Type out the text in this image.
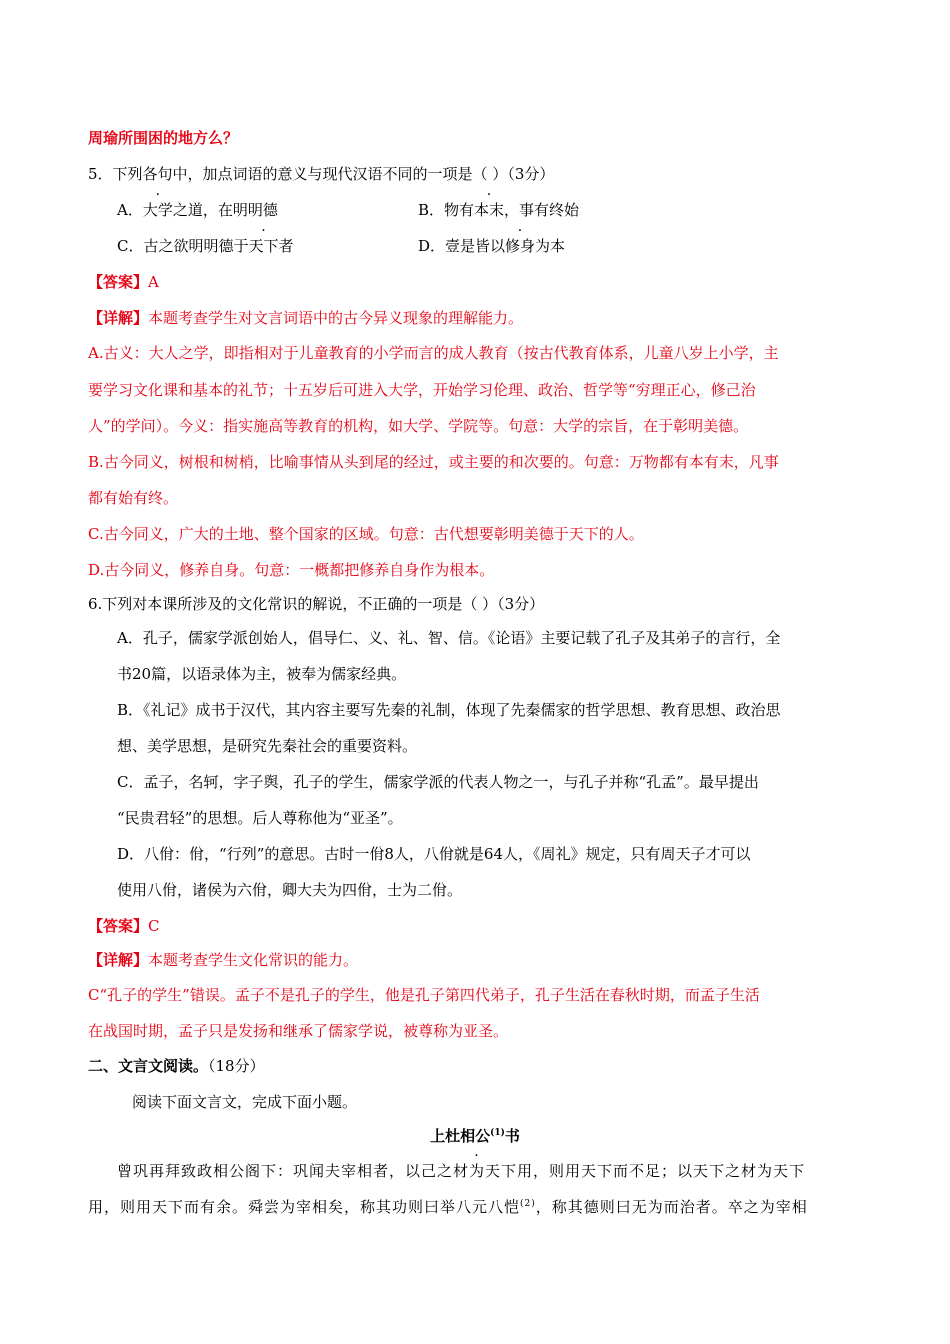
周瑜所围困的地方么？
5．下列各句中，加点词语的意义与现代汉语不同的一项是（ ）（3分）
A．大学之道，在明明德	B．物有本末，事有终始
C．古之欲明明德于天下者	D．壹是皆以修身为本
【答案】A
【详解】本题考查学生对文言词语中的古今异义现象的理解能力。
A.古义：大人之学，即指相对于儿童教育的小学而言的成人教育（按古代教育体系，儿童八岁上小学，主
要学习文化课和基本的礼节；十五岁后可进入大学，开始学习伦理、政治、哲学等“穷理正心，修己治
人”的学问）。今义：指实施高等教育的机构，如大学、学院等。句意：大学的宗旨，在于彰明美德。
B.古今同义，树根和树梢，比喻事情从头到尾的经过，或主要的和次要的。句意：万物都有本有末，凡事
都有始有终。
C.古今同义，广大的土地、整个国家的区域。句意：古代想要彰明美德于天下的人。
D.古今同义，修养自身。句意：一概都把修养自身作为根本。
6.下列对本课所涉及的文化常识的解说，不正确的一项是（ ）（3分）
A．孔子，儒家学派创始人，倡导仁、义、礼、智、信。《论语》主要记载了孔子及其弟子的言行，全
书20篇，以语录体为主，被奉为儒家经典。
B．《礼记》成书于汉代，其内容主要写先秦的礼制，体现了先秦儒家的哲学思想、教育思想、政治思
想、美学思想，是研究先秦社会的重要资料。
C．孟子，名轲，字子舆，孔子的学生，儒家学派的代表人物之一，与孔子并称“孔孟”。最早提出
“民贵君轻”的思想。后人尊称他为“亚圣”。
D．八佾：佾，“行列”的意思。古时一佾8人，八佾就是64人，《周礼》规定，只有周天子才可以
使用八佾，诸侯为六佾，卿大夫为四佾，士为二佾。
【答案】C
【详解】本题考查学生文化常识的能力。
C“孔子的学生”错误。孟子不是孔子的学生，他是孔子第四代弟子，孔子生活在春秋时期，而孟子生活
在战国时期，孟子只是发扬和继承了儒家学说，被尊称为亚圣。
二、文言文阅读。（18分）
阅读下面文言文，完成下面小题。
上杜相公$^{(1)}$书
曾巩再拜致政相公阁下：巩闻夫宰相者，以己之材为天下用，则用天下而不足；以天下之材为天下
用，则用天下而有余。舜尝为宰相矣，称其功则曰举八元八恺$^{(2)}$，称其德则曰无为而治者。卒之为宰相
